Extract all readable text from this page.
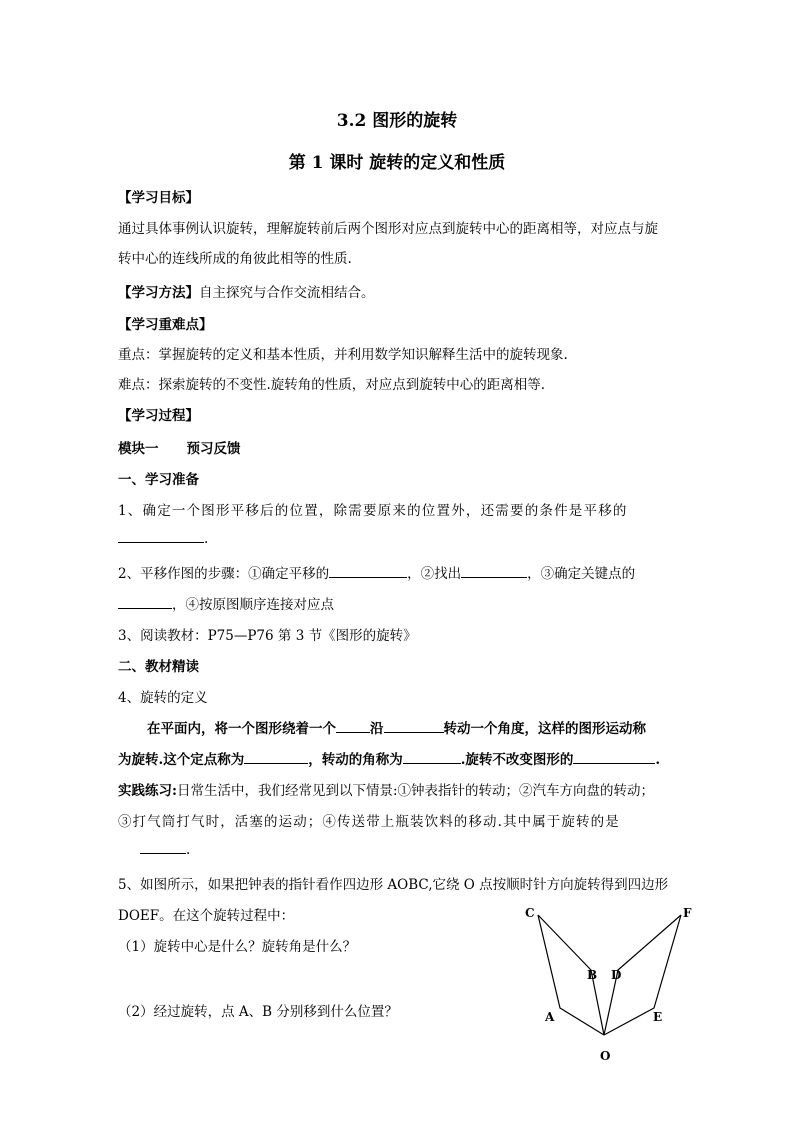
3.2 图形的旋转
第 1 课时 旋转的定义和性质
【学习目标】
通过具体事例认识旋转，理解旋转前后两个图形对应点到旋转中心的距离相等，对应点与旋
转中心的连线所成的角彼此相等的性质.
【学习方法】自主探究与合作交流相结合。
【学习重难点】
重点：掌握旋转的定义和基本性质，并利用数学知识解释生活中的旋转现象.
难点：探索旋转的不变性.旋转角的性质，对应点到旋转中心的距离相等.
【学习过程】
模块一 预习反馈
一、学习准备
1、确定一个图形平移后的位置，除需要原来的位置外，还需要的条件是平移的
.
2、平移作图的步骤：①确定平移的	，②找出	，③确定关键点的
，④按原图顺序连接对应点
3、阅读教材：P75—P76 第 3 节《图形的旋转》
二、教材精读
4、旋转的定义
在平面内，将一个图形绕着一个	沿	转动一个角度，这样的图形运动称
为旋转.这个定点称为	，转动的角称为	.旋转不改变图形的	.
实践练习:日常生活中，我们经常见到以下情景:①钟表指针的转动；②汽车方向盘的转动；
③打气筒打气时，活塞的运动；④传送带上瓶装饮料的移动.其中属于旋转的是
.
5、如图所示，如果把钟表的指针看作四边形 AOBC,它绕 O 点按顺时针方向旋转得到四边形
DOEF。在这个旋转过程中：
（1）旋转中心是什么？旋转角是什么？
（2）经过旋转，点 A、B 分别移到什么位置？
C	F
B D
A	E
O
